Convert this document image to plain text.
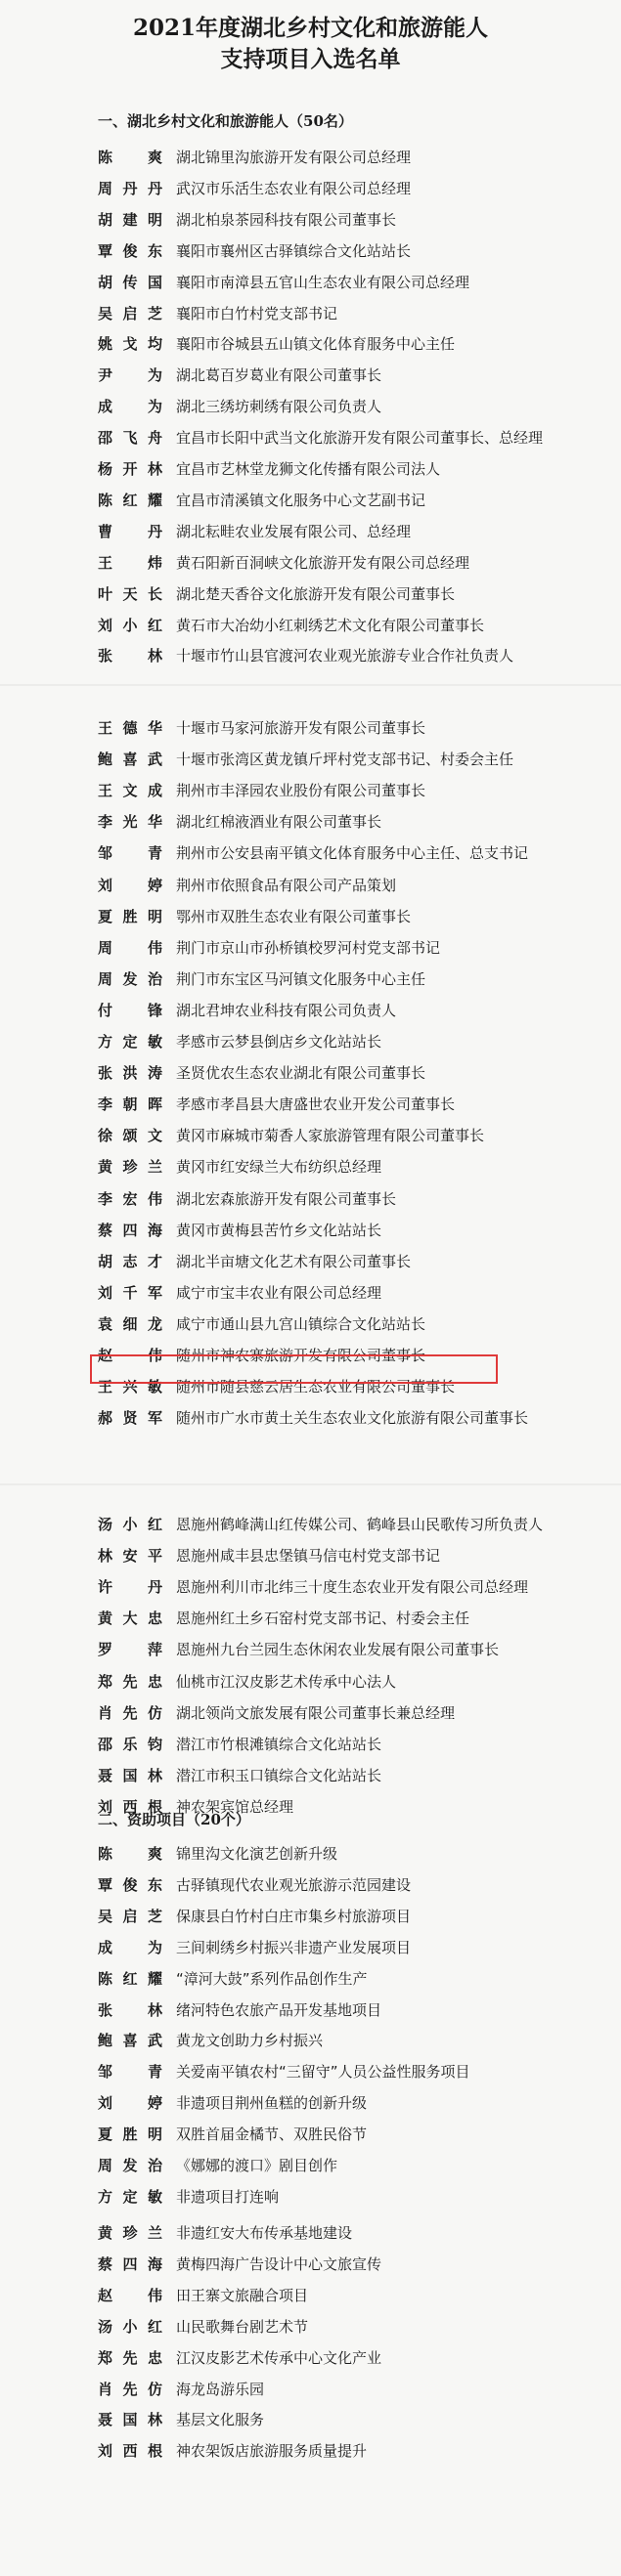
2021年度湖北乡村文化和旅游能人
支持项目入选名单
一、湖北乡村文化和旅游能人（50名）
陈 爽 湖北锦里沟旅游开发有限公司总经理
周丹丹 武汉市乐活生态农业有限公司总经理
胡建明 湖北柏泉茶园科技有限公司董事长
覃俊东 襄阳市襄州区古驿镇综合文化站站长
胡传国 襄阳市南漳县五官山生态农业有限公司总经理
吴启芝 襄阳市白竹村党支部书记
姚戈均 襄阳市谷城县五山镇文化体育服务中心主任
尹 为 湖北葛百岁葛业有限公司董事长
成 为 湖北三绣坊刺绣有限公司负责人
邵飞舟 宜昌市长阳中武当文化旅游开发有限公司董事长、总经理
杨开林 宜昌市艺林堂龙狮文化传播有限公司法人
陈红耀 宜昌市清溪镇文化服务中心文艺副书记
曹 丹 湖北耘畦农业发展有限公司、总经理
王 炜 黄石阳新百洞峡文化旅游开发有限公司总经理
叶天长 湖北楚天香谷文化旅游开发有限公司董事长
刘小红 黄石市大冶幼小红刺绣艺术文化有限公司董事长
张 林 十堰市竹山县官渡河农业观光旅游专业合作社负责人
王德华 十堰市马家河旅游开发有限公司董事长
鲍喜武 十堰市张湾区黄龙镇斤坪村党支部书记、村委会主任
王文成 荆州市丰泽园农业股份有限公司董事长
李光华 湖北红棉液酒业有限公司董事长
邹 青 荆州市公安县南平镇文化体育服务中心主任、总支书记
刘 婷 荆州市依照食品有限公司产品策划
夏胜明 鄂州市双胜生态农业有限公司董事长
周 伟 荆门市京山市孙桥镇校罗河村党支部书记
周发治 荆门市东宝区马河镇文化服务中心主任
付 锋 湖北君坤农业科技有限公司负责人
方定敏 孝感市云梦县倒店乡文化站站长
张洪涛 圣贤优农生态农业湖北有限公司董事长
李朝晖 孝感市孝昌县大唐盛世农业开发公司董事长
徐颂文 黄冈市麻城市菊香人家旅游管理有限公司董事长
黄珍兰 黄冈市红安绿兰大布纺织总经理
李宏伟 湖北宏森旅游开发有限公司董事长
蔡四海 黄冈市黄梅县苦竹乡文化站站长
胡志才 湖北半亩塘文化艺术有限公司董事长
刘千军 咸宁市宝丰农业有限公司总经理
袁细龙 咸宁市通山县九宫山镇综合文化站站长
赵 伟 随州市神农寨旅游开发有限公司董事长
王兴敏 随州市随县慈云居生态农业有限公司董事长
郝贤军 随州市广水市黄土关生态农业文化旅游有限公司董事长
汤小红 恩施州鹤峰满山红传媒公司、鹤峰县山民歌传习所负责人
林安平 恩施州咸丰县忠堡镇马信屯村党支部书记
许 丹 恩施州利川市北纬三十度生态农业开发有限公司总经理
黄大忠 恩施州红土乡石窑村党支部书记、村委会主任
罗 萍 恩施州九台兰园生态休闲农业发展有限公司董事长
郑先忠 仙桃市江汉皮影艺术传承中心法人
肖先仿 湖北领尚文旅发展有限公司董事长兼总经理
邵乐钧 潜江市竹根滩镇综合文化站站长
聂国林 潜江市积玉口镇综合文化站站长
刘西根 神农架宾馆总经理
二、资助项目（20个）
陈 爽 锦里沟文化演艺创新升级
覃俊东 古驿镇现代农业观光旅游示范园建设
吴启芝 保康县白竹村白庄市集乡村旅游项目
成 为 三间刺绣乡村振兴非遗产业发展项目
陈红耀 “漳河大鼓”系列作品创作生产
张 林 绪河特色农旅产品开发基地项目
鲍喜武 黄龙文创助力乡村振兴
邹 青 关爱南平镇农村“三留守”人员公益性服务项目
刘 婷 非遗项目荆州鱼糕的创新升级
夏胜明 双胜首届金橘节、双胜民俗节
周发治 《娜娜的渡口》剧目创作
方定敏 非遗项目打连响
黄珍兰 非遗红安大布传承基地建设
蔡四海 黄梅四海广告设计中心文旅宣传
赵 伟 田王寨文旅融合项目
汤小红 山民歌舞台剧艺术节
郑先忠 江汉皮影艺术传承中心文化产业
肖先仿 海龙岛游乐园
聂国林 基层文化服务
刘西根 神农架饭店旅游服务质量提升
